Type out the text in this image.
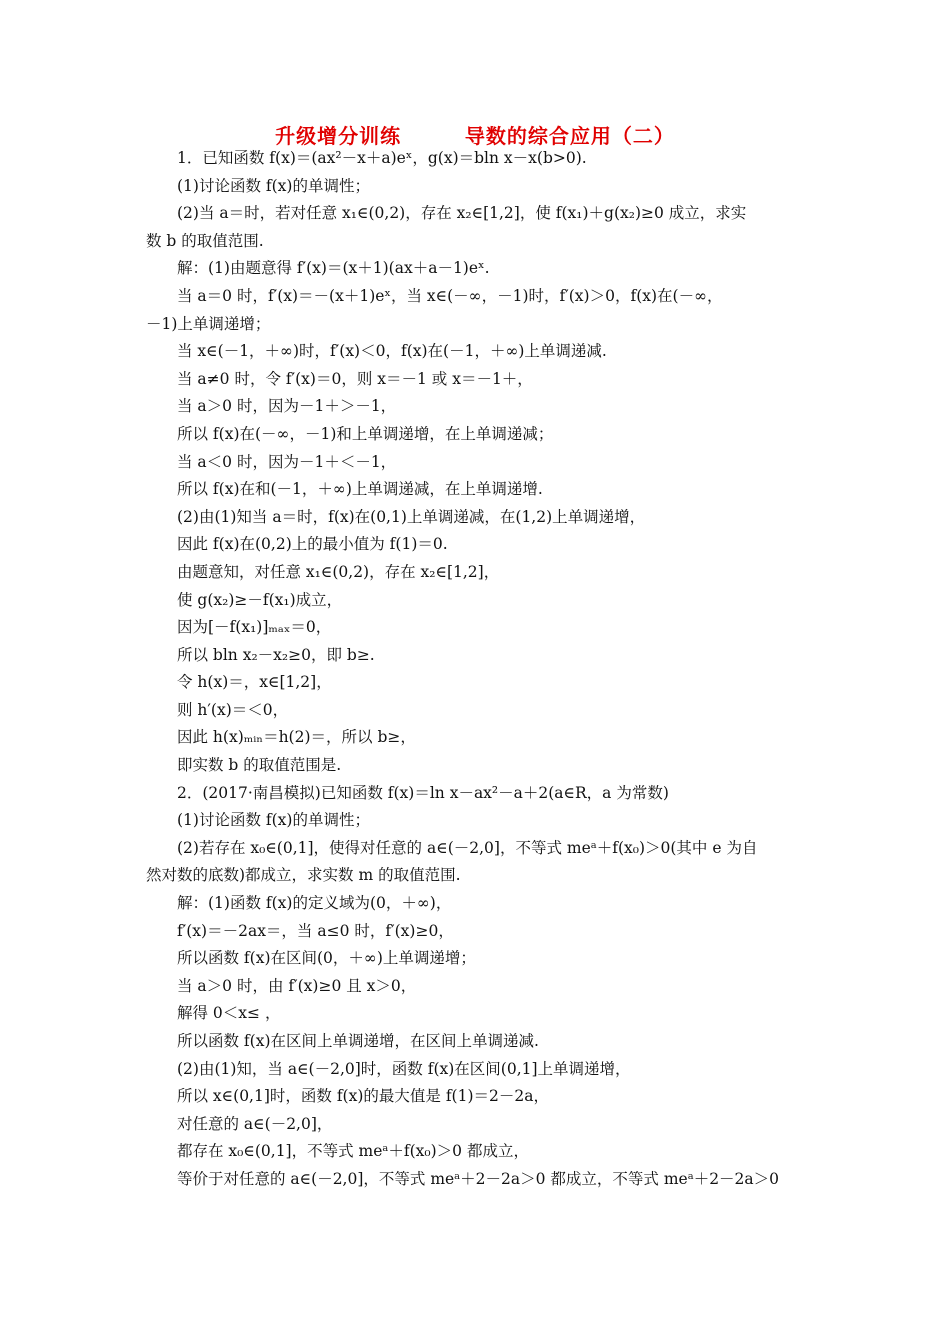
升级增分训练        导数的综合应用（二）
1．已知函数 f(x)＝(ax²－x＋a)eˣ，g(x)＝bln x－x(b>0).
(1)讨论函数 f(x)的单调性；
(2)当 a＝时，若对任意 x₁∈(0,2)，存在 x₂∈[1,2]，使 f(x₁)＋g(x₂)≥0 成立，求实
数 b 的取值范围.
解：(1)由题意得 f′(x)＝(x＋1)(ax＋a－1)eˣ.
当 a＝0 时，f′(x)＝－(x＋1)eˣ，当 x∈(－∞，－1)时，f′(x)＞0，f(x)在(－∞，
－1)上单调递增；
当 x∈(－1，＋∞)时，f′(x)＜0，f(x)在(－1，＋∞)上单调递减.
当 a≠0 时，令 f′(x)＝0，则 x＝－1 或 x＝－1＋，
当 a＞0 时，因为－1＋＞－1，
所以 f(x)在(－∞，－1)和上单调递增，在上单调递减；
当 a＜0 时，因为－1＋＜－1，
所以 f(x)在和(－1，＋∞)上单调递减，在上单调递增.
(2)由(1)知当 a＝时，f(x)在(0,1)上单调递减，在(1,2)上单调递增，
因此 f(x)在(0,2)上的最小值为 f(1)＝0.
由题意知，对任意 x₁∈(0,2)，存在 x₂∈[1,2]，
使 g(x₂)≥－f(x₁)成立，
因为[－f(x₁)]ₘₐₓ＝0，
所以 bln x₂－x₂≥0，即 b≥.
令 h(x)＝，x∈[1,2]，
则 h′(x)＝＜0，
因此 h(x)ₘᵢₙ＝h(2)＝，所以 b≥，
即实数 b 的取值范围是.
2．(2017·南昌模拟)已知函数 f(x)＝ln x－ax²－a＋2(a∈R，a 为常数)
(1)讨论函数 f(x)的单调性；
(2)若存在 x₀∈(0,1]，使得对任意的 a∈(－2,0]，不等式 meᵃ＋f(x₀)＞0(其中 e 为自
然对数的底数)都成立，求实数 m 的取值范围.
解：(1)函数 f(x)的定义域为(0，＋∞)，
f′(x)＝－2ax＝，当 a≤0 时，f′(x)≥0，
所以函数 f(x)在区间(0，＋∞)上单调递增；
当 a＞0 时，由 f′(x)≥0 且 x＞0，
解得 0＜x≤ ，
所以函数 f(x)在区间上单调递增，在区间上单调递减.
(2)由(1)知，当 a∈(－2,0]时，函数 f(x)在区间(0,1]上单调递增，
所以 x∈(0,1]时，函数 f(x)的最大值是 f(1)＝2－2a，
对任意的 a∈(－2,0]，
都存在 x₀∈(0,1]，不等式 meᵃ＋f(x₀)＞0 都成立，
等价于对任意的 a∈(－2,0]，不等式 meᵃ＋2－2a＞0 都成立，不等式 meᵃ＋2－2a＞0
